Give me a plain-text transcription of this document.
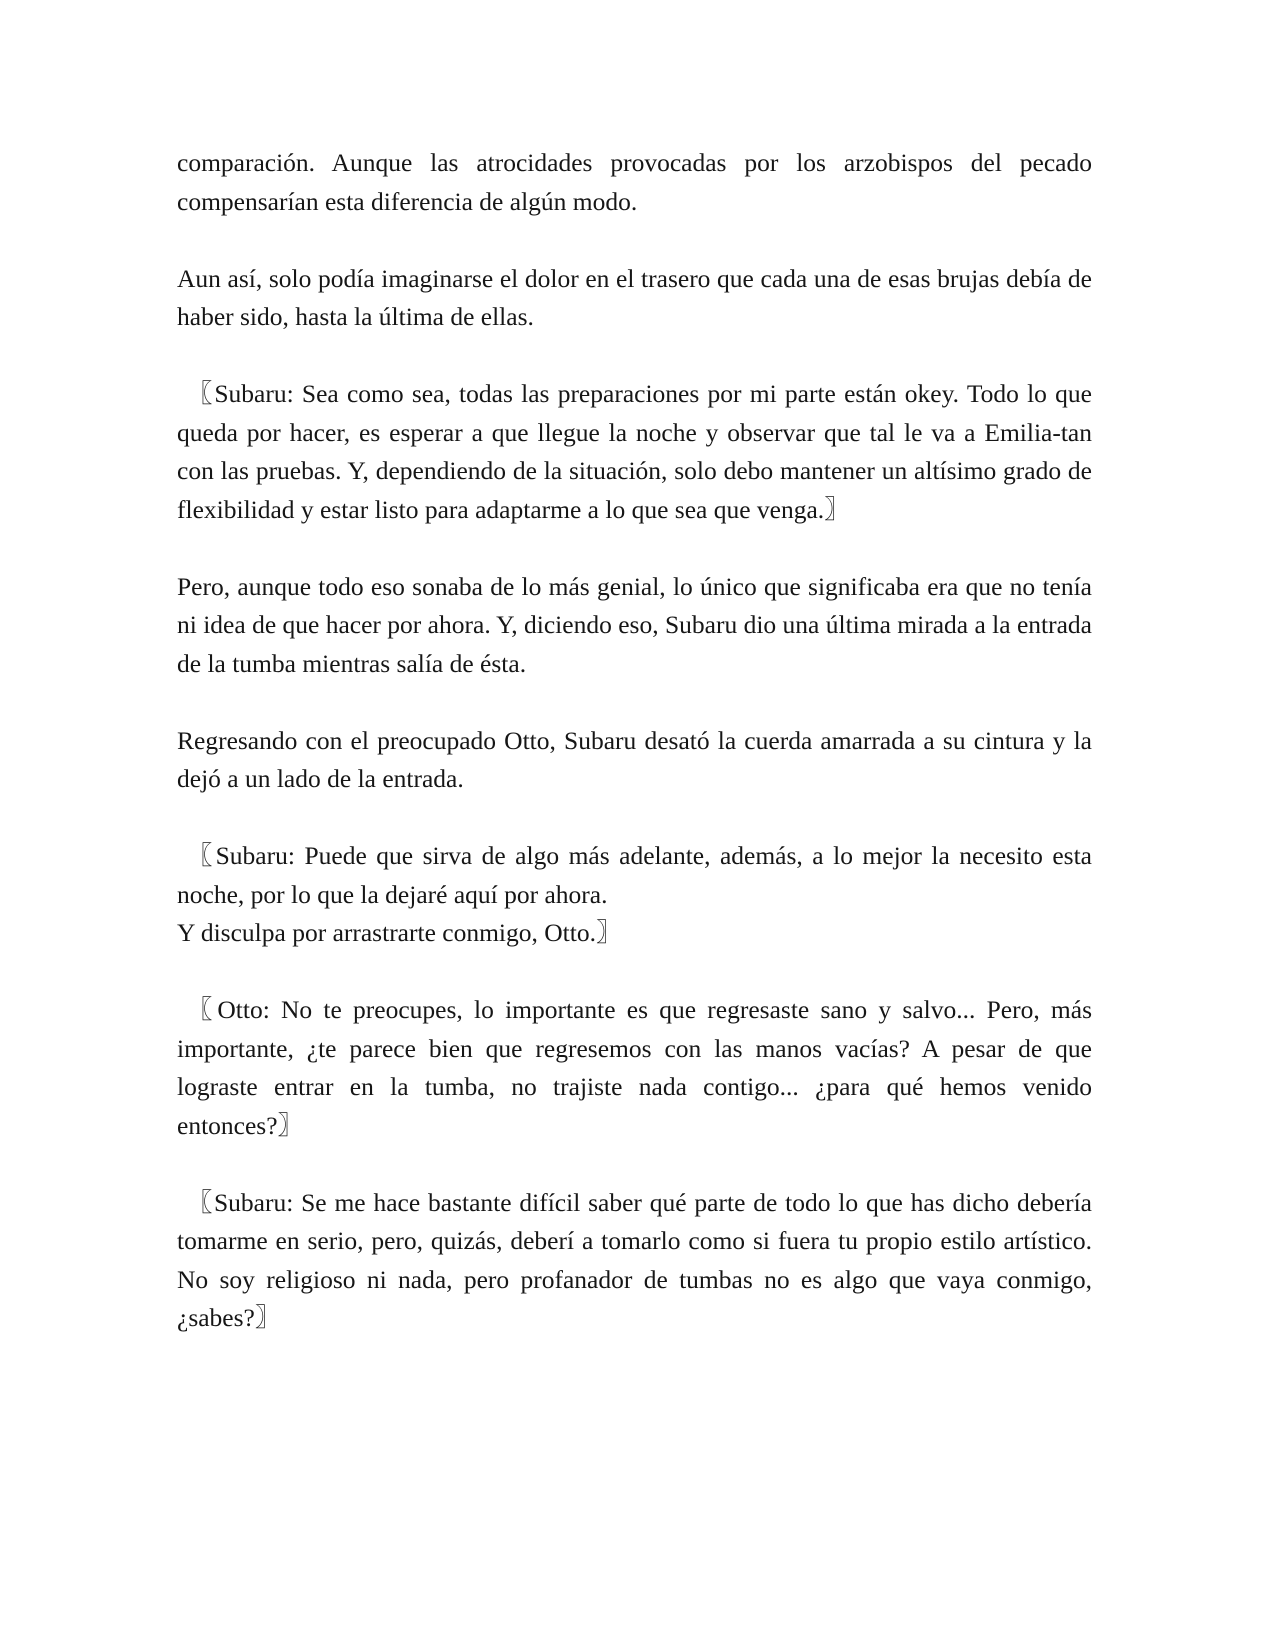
comparación. Aunque las atrocidades provocadas por los arzobispos del pecado compensarían esta diferencia de algún modo.

Aun así, solo podía imaginarse el dolor en el trasero que cada una de esas brujas debía de haber sido, hasta la última de ellas.

〖Subaru: Sea como sea, todas las preparaciones por mi parte están okey. Todo lo que queda por hacer, es esperar a que llegue la noche y observar que tal le va a Emilia-tan con las pruebas. Y, dependiendo de la situación, solo debo mantener un altísimo grado de flexibilidad y estar listo para adaptarme a lo que sea que venga.〗

Pero, aunque todo eso sonaba de lo más genial, lo único que significaba era que no tenía ni idea de que hacer por ahora. Y, diciendo eso, Subaru dio una última mirada a la entrada de la tumba mientras salía de ésta.

Regresando con el preocupado Otto, Subaru desató la cuerda amarrada a su cintura y la dejó a un lado de la entrada.

〖Subaru: Puede que sirva de algo más adelante, además, a lo mejor la necesito esta noche, por lo que la dejaré aquí por ahora.
Y disculpa por arrastrarte conmigo, Otto.〗

〖Otto: No te preocupes, lo importante es que regresaste sano y salvo... Pero, más importante, ¿te parece bien que regresemos con las manos vacías? A pesar de que lograste entrar en la tumba, no trajiste nada contigo... ¿para qué hemos venido entonces?〗

〖Subaru: Se me hace bastante difícil saber qué parte de todo lo que has dicho debería tomarme en serio, pero, quizás, deberí a tomarlo como si fuera tu propio estilo artístico. No soy religioso ni nada, pero profanador de tumbas no es algo que vaya conmigo, ¿sabes?〗
